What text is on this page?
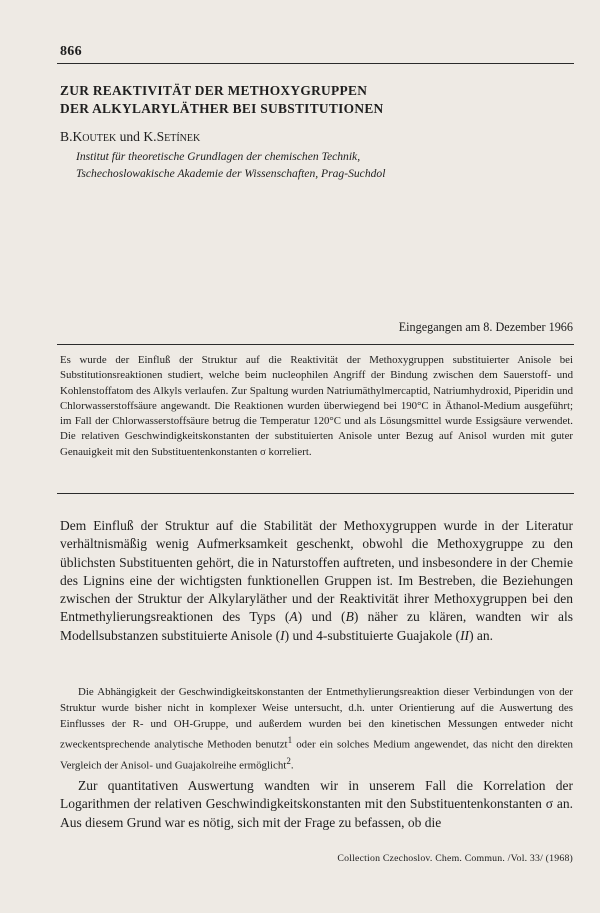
866
ZUR REAKTIVITÄT DER METHOXYGRUPPEN
DER ALKYLARYLÄTHER BEI SUBSTITUTIONEN
B.Koutek und K.Setínek
Institut für theoretische Grundlagen der chemischen Technik,
Tschechoslowakische Akademie der Wissenschaften, Prag-Suchdol
Eingegangen am 8. Dezember 1966

Es wurde der Einfluß der Struktur auf die Reaktivität der Methoxygruppen substituierter Anisole bei Substitutionsreaktionen studiert, welche beim nucleophilen Angriff der Bindung zwischen dem Sauerstoff- und Kohlenstoffatom des Alkyls verlaufen. Zur Spaltung wurden Natriumäthylmercaptid, Natriumhydroxid, Piperidin und Chlorwasserstoffsäure angewandt. Die Reaktionen wurden überwiegend bei 190°C in Äthanol-Medium ausgeführt; im Fall der Chlorwasserstoffsäure betrug die Temperatur 120°C und als Lösungsmittel wurde Essigsäure verwendet. Die relativen Geschwindigkeitskonstanten der substituierten Anisole unter Bezug auf Anisol wurden mit guter Genauigkeit mit den Substituentenkonstanten σ korreliert.

Dem Einfluß der Struktur auf die Stabilität der Methoxygruppen wurde in der Literatur verhältnismäßig wenig Aufmerksamkeit geschenkt, obwohl die Methoxygruppe zu den üblichsten Substituenten gehört, die in Naturstoffen auftreten, und insbesondere in der Chemie des Lignins eine der wichtigsten funktionellen Gruppen ist. Im Bestreben, die Beziehungen zwischen der Struktur der Alkylaryläther und der Reaktivität ihrer Methoxygruppen bei den Entmethylierungsreaktionen des Typs (A) und (B) näher zu klären, wandten wir als Modellsubstanzen substituierte Anisole (I) und 4-substituierte Guajakole (II) an.

Die Abhängigkeit der Geschwindigkeitskonstanten der Entmethylierungsreaktion dieser Verbindungen von der Struktur wurde bisher nicht in komplexer Weise untersucht, d.h. unter Orientierung auf die Auswertung des Einflusses der R- und OH-Gruppe, und außerdem wurden bei den kinetischen Messungen entweder nicht zweckentsprechende analytische Methoden benutzt$^1$ oder ein solches Medium angewendet, das nicht den direkten Vergleich der Anisol- und Guajakolreihe ermöglicht$^2$.

Zur quantitativen Auswertung wandten wir in unserem Fall die Korrelation der Logarithmen der relativen Geschwindigkeitskonstanten mit den Substituentenkonstanten σ an. Aus diesem Grund war es nötig, sich mit der Frage zu befassen, ob die

Collection Czechoslov. Chem. Commun. /Vol. 33/ (1968)
